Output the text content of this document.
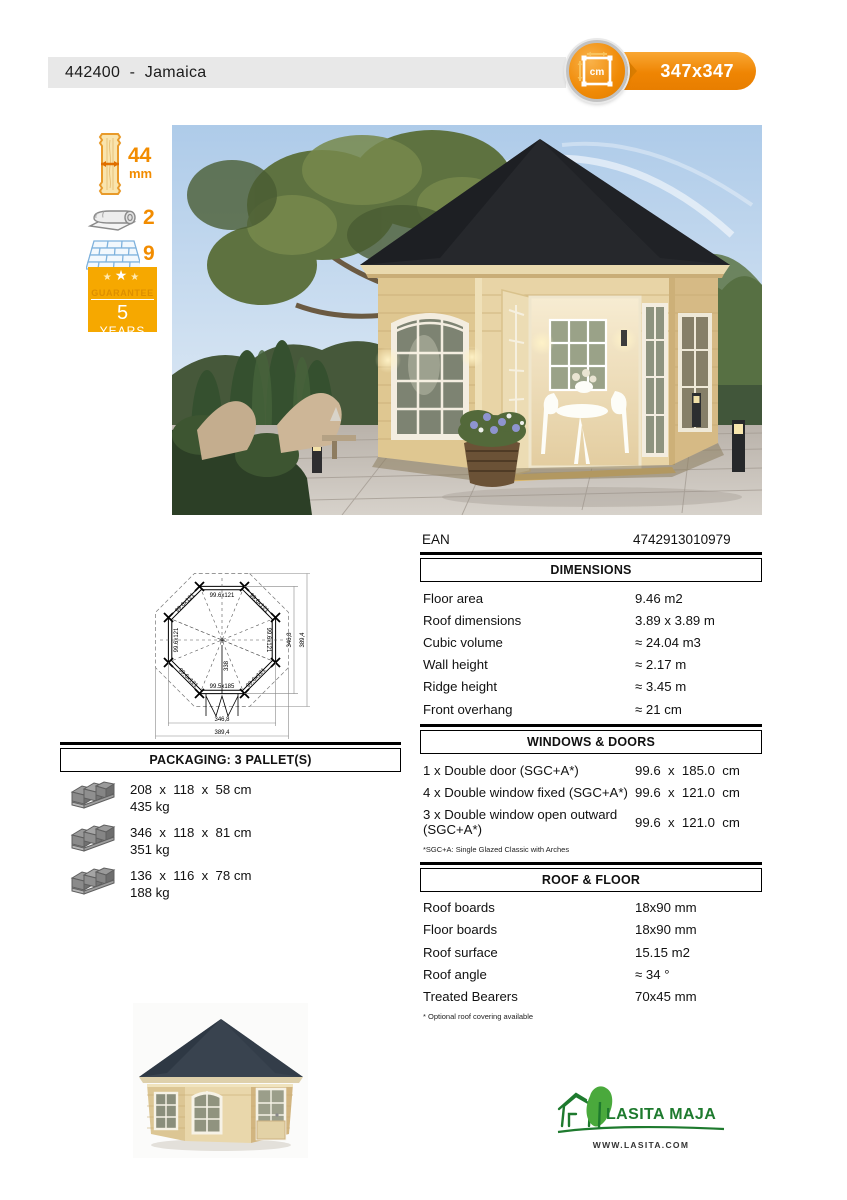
442400  -  Jamaica	347x347
cm
44
mm
2
9
★★★
GUARANTEE
5
YEARS
✳
338
99.6x121
99.6x121	99.6x121
99.6x121	99.6x121
99.6x121	99.6x121
99.5x185
346,8 389,4
346,8
389,4
EAN	4742913010979
DIMENSIONS
Floor area	9.46 m2
Roof dimensions	3.89 x 3.89 m
Cubic volume	≈ 24.04 m3
Wall height	≈ 2.17 m
Ridge height	≈ 3.45 m
Front overhang	≈ 21 cm
WINDOWS & DOORS
1 x Double door (SGC+A*)	99.6  x  185.0  cm
4 x Double window fixed (SGC+A*) 99.6  x  121.0  cm
3 x Double window open outward (SGC+A*)	99.6  x  121.0  cm
*SGC+A: Single Glazed Classic with Arches
ROOF & FLOOR
Roof boards	18x90 mm
Floor boards	18x90 mm
Roof surface	15.15 m2
Roof angle	≈ 34 °
Treated Bearers	70x45 mm
* Optional roof covering available
PACKAGING: 3 PALLET(S)
208  x  118  x  58 cm
435 kg
346  x  118  x  81 cm
351 kg
136  x  116  x  78 cm
188 kg
LASITA MAJA
WWW.LASITA.COM
